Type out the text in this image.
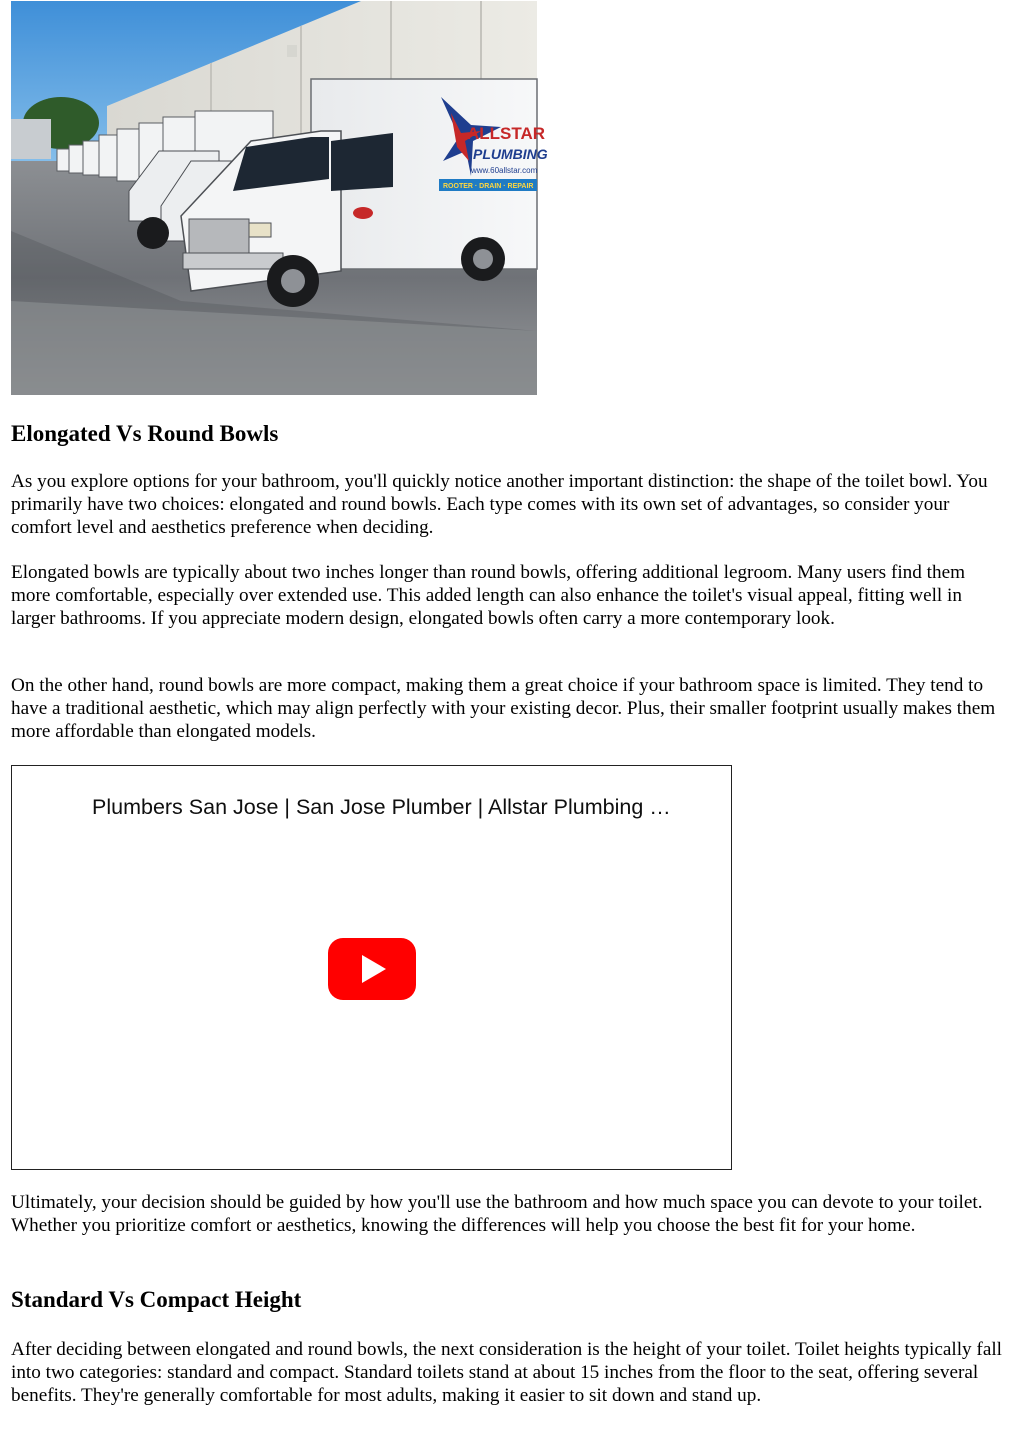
ALLSTAR
PLUMBING
www.60allstar.com
ROOTER · DRAIN · REPAIR
Elongated Vs Round Bowls

As you explore options for your bathroom, you'll quickly notice another important distinction: the shape of the toilet bowl. You primarily have two choices: elongated and round bowls. Each type comes with its own set of advantages, so consider your comfort level and aesthetics preference when deciding.

Elongated bowls are typically about two inches longer than round bowls, offering additional legroom. Many users find them more comfortable, especially over extended use. This added length can also enhance the toilet's visual appeal, fitting well in larger bathrooms. If you appreciate modern design, elongated bowls often carry a more contemporary look.

On the other hand, round bowls are more compact, making them a great choice if your bathroom space is limited. They tend to have a traditional aesthetic, which may align perfectly with your existing decor. Plus, their smaller footprint usually makes them more affordable than elongated models.

Plumbers San Jose | San Jose Plumber | Allstar Plumbing …

Ultimately, your decision should be guided by how you'll use the bathroom and how much space you can devote to your toilet. Whether you prioritize comfort or aesthetics, knowing the differences will help you choose the best fit for your home.

Standard Vs Compact Height

After deciding between elongated and round bowls, the next consideration is the height of your toilet. Toilet heights typically fall into two categories: standard and compact. Standard toilets stand at about 15 inches from the floor to the seat, offering several benefits. They're generally comfortable for most adults, making it easier to sit down and stand up.
